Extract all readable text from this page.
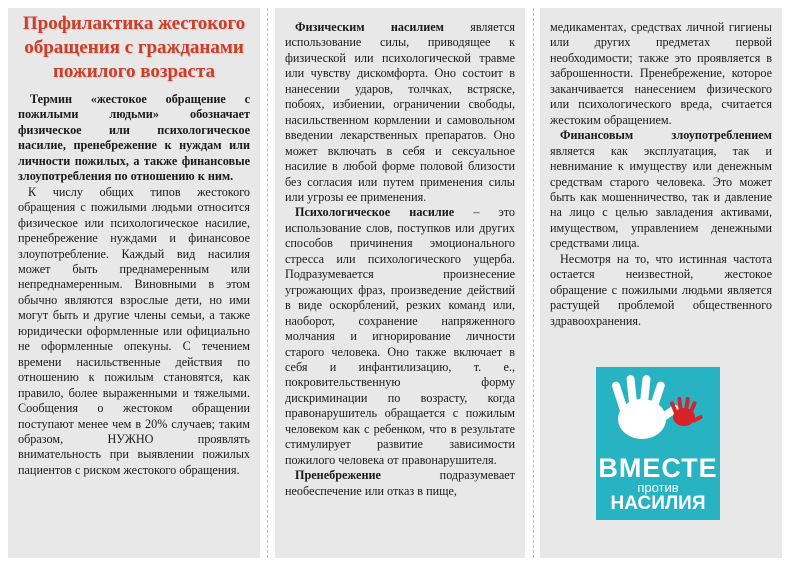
Профилактика жестокого обращения с гражданами пожилого возраста

Термин «жестокое обращение с пожилыми людьми» обозначает физическое или психологическое насилие, пренебрежение к нуждам или личности пожилых, а также финансовые злоупотребления по отношению к ним.

К числу общих типов жестокого обращения с пожилыми людьми относится физическое или психологическое насилие, пренебрежение нуждами и финансовое злоупотребление. Каждый вид насилия может быть преднамеренным или непреднамеренным. Виновными в этом обычно являются взрослые дети, но ими могут быть и другие члены семьи, а также юридически оформленные или официально не оформленные опекуны. С течением времени насильственные действия по отношению к пожилым становятся, как правило, более выраженными и тяжелыми. Сообщения о жестоком обращении поступают менее чем в 20% случаев; таким образом, НУЖНО проявлять внимательность при выявлении пожилых пациентов с риском жестокого обращения.

Физическим насилием является использование силы, приводящее к физической или психологической травме или чувству дискомфорта. Оно состоит в нанесении ударов, толчках, встряске, побоях, избиении, ограничении свободы, насильственном кормлении и самовольном введении лекарственных препаратов. Оно может включать в себя и сексуальное насилие в любой форме половой близости без согласия или путем применения силы или угрозы ее применения.

Психологическое насилие – это использование слов, поступков или других способов причинения эмоционального стресса или психологического ущерба. Подразумевается произнесение угрожающих фраз, произведение действий в виде оскорблений, резких команд или, наоборот, сохранение напряженного молчания и игнорирование личности старого человека. Оно также включает в себя и инфантилизацию, т. е., покровительственную форму дискриминации по возрасту, когда правонарушитель обращается с пожилым человеком как с ребенком, что в результате стимулирует развитие зависимости пожилого человека от правонарушителя.

Пренебрежение подразумевает необеспечение или отказ в пище,

медикаментах, средствах личной гигиены или других предметах первой необходимости; также это проявляется в заброшенности. Пренебрежение, которое заканчивается нанесением физического или психологического вреда, считается жестоким обращением.

Финансовым злоупотреблением является как эксплуатация, так и невнимание к имуществу или денежным средствам старого человека. Это может быть как мошенничество, так и давление на лицо с целью завладения активами, имуществом, управлением денежными средствами лица.

Несмотря на то, что истинная частота остается неизвестной, жестокое обращение с пожилыми людьми является растущей проблемой общественного здравоохранения.

ВМЕСТЕ
против
НАСИЛИЯ
